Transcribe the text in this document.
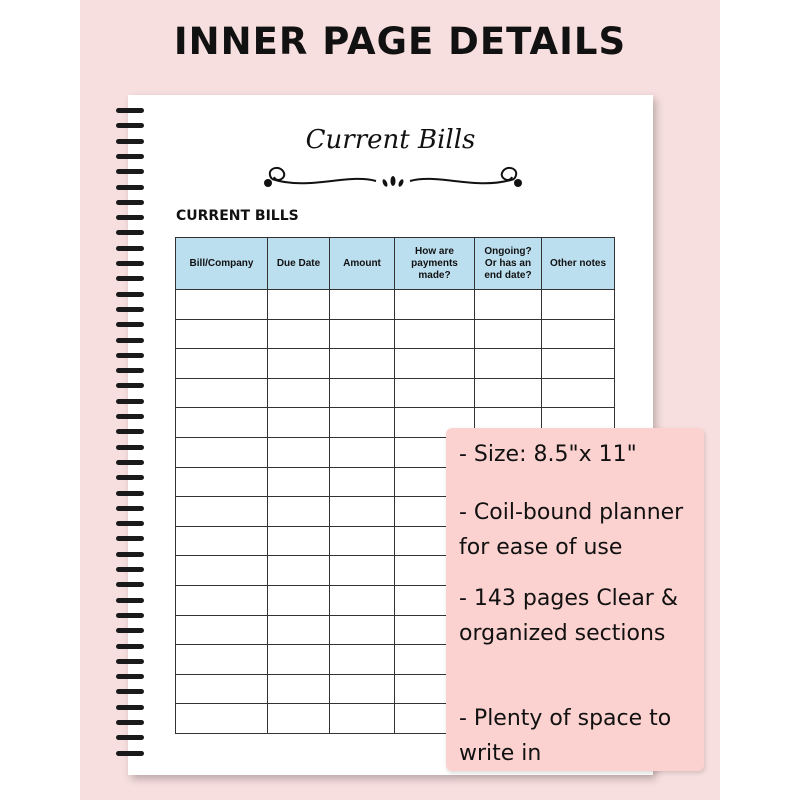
INNER PAGE DETAILS
Current Bills
CURRENT BILLS
Bill/Company	Due Date	Amount	How are payments made?	Ongoing? Or has an end date?	Other notes

- Size: 8.5"x 11"
- Coil-bound planner for ease of use
- 143 pages Clear & organized sections
- Plenty of space to write in
